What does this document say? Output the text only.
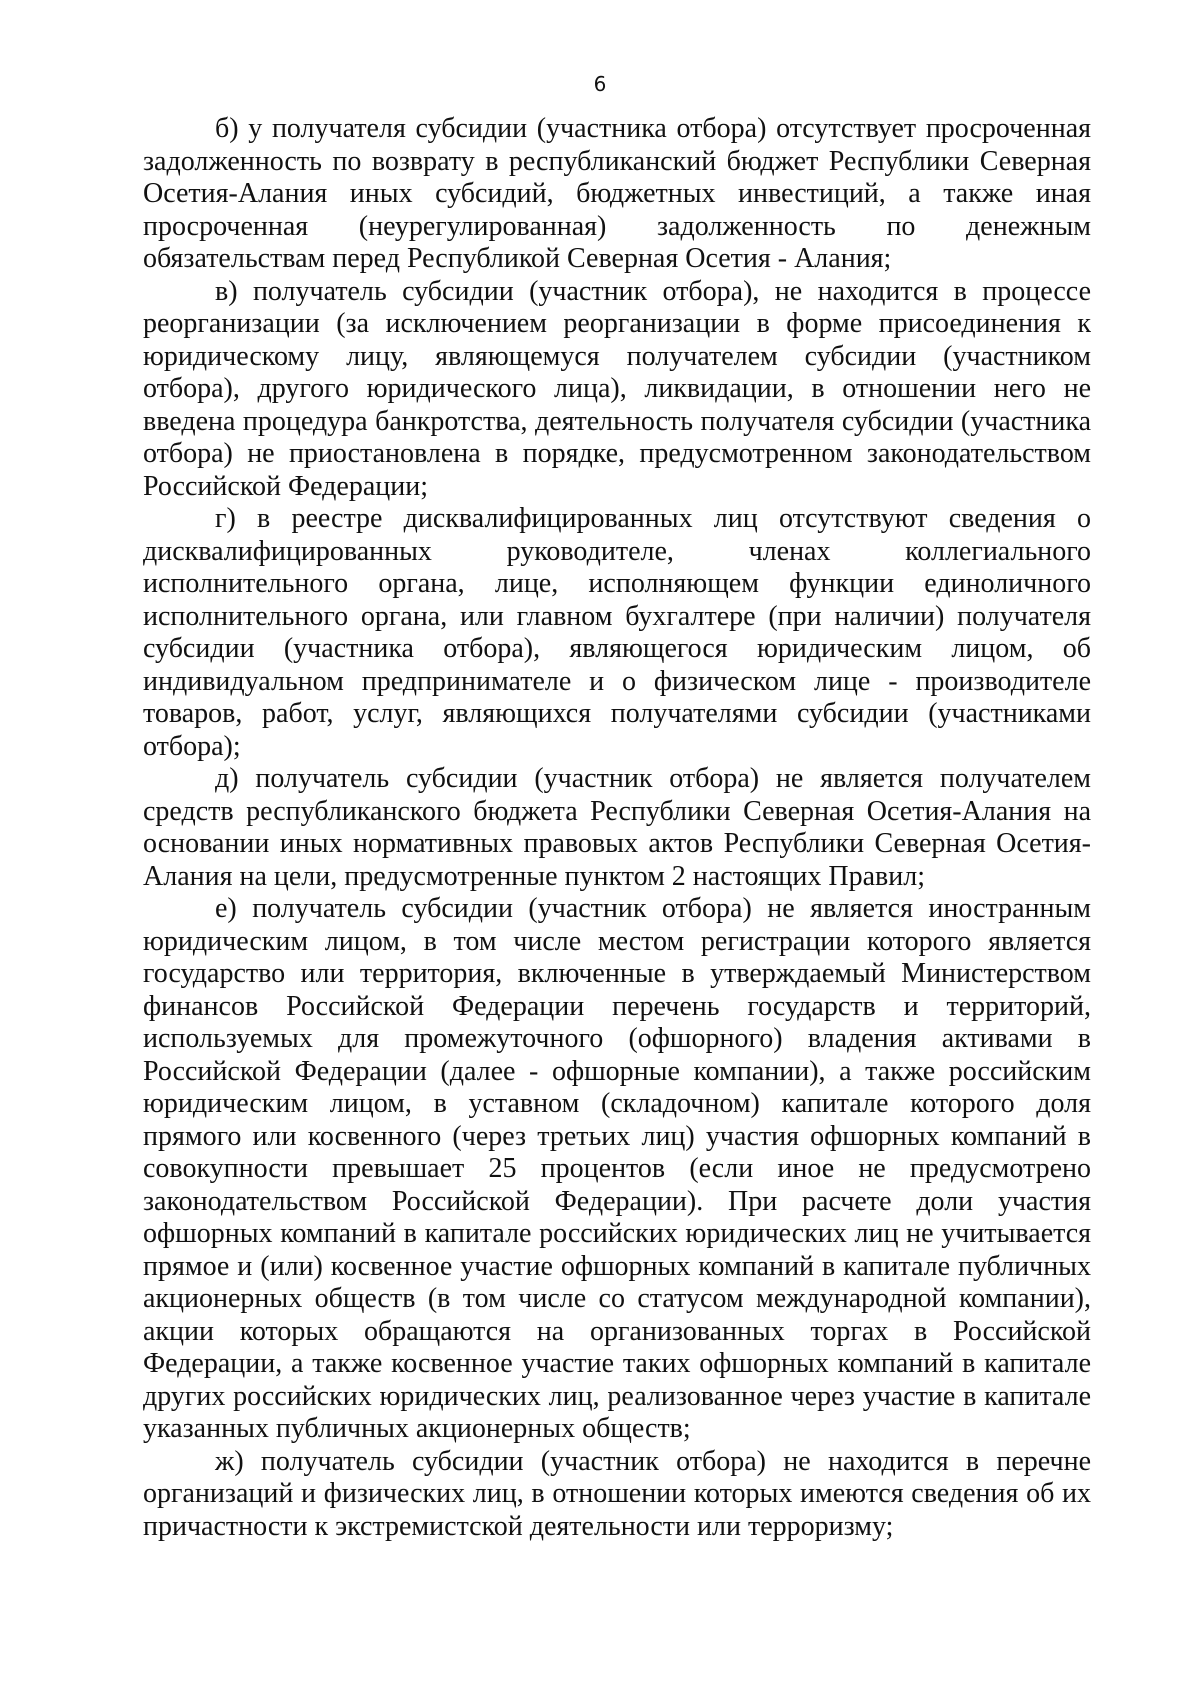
6

б) у получателя субсидии (участника отбора) отсутствует просроченная задолженность по возврату в республиканский бюджет Республики Северная Осетия-Алания иных субсидий, бюджетных инвестиций, а также иная просроченная (неурегулированная) задолженность по денежным обязательствам перед Республикой Северная Осетия - Алания;

в) получатель субсидии (участник отбора), не находится в процессе реорганизации (за исключением реорганизации в форме присоединения к юридическому лицу, являющемуся получателем субсидии (участником отбора), другого юридического лица), ликвидации, в отношении него не введена процедура банкротства, деятельность получателя субсидии (участника отбора) не приостановлена в порядке, предусмотренном законодательством Российской Федерации;

г) в реестре дисквалифицированных лиц отсутствуют сведения о дисквалифицированных руководителе, членах коллегиального исполнительного органа, лице, исполняющем функции единоличного исполнительного органа, или главном бухгалтере (при наличии) получателя субсидии (участника отбора), являющегося юридическим лицом, об индивидуальном предпринимателе и о физическом лице - производителе товаров, работ, услуг, являющихся получателями субсидии (участниками отбора);

д) получатель субсидии (участник отбора) не является получателем средств республиканского бюджета Республики Северная Осетия-Алания на основании иных нормативных правовых актов Республики Северная Осетия-Алания на цели, предусмотренные пунктом 2 настоящих Правил;

е) получатель субсидии (участник отбора) не является иностранным юридическим лицом, в том числе местом регистрации которого является государство или территория, включенные в утверждаемый Министерством финансов Российской Федерации перечень государств и территорий, используемых для промежуточного (офшорного) владения активами в Российской Федерации (далее - офшорные компании), а также российским юридическим лицом, в уставном (складочном) капитале которого доля прямого или косвенного (через третьих лиц) участия офшорных компаний в совокупности превышает 25 процентов (если иное не предусмотрено законодательством Российской Федерации). При расчете доли участия офшорных компаний в капитале российских юридических лиц не учитывается прямое и (или) косвенное участие офшорных компаний в капитале публичных акционерных обществ (в том числе со статусом международной компании), акции которых обращаются на организованных торгах в Российской Федерации, а также косвенное участие таких офшорных компаний в капитале других российских юридических лиц, реализованное через участие в капитале указанных публичных акционерных обществ;

ж) получатель субсидии (участник отбора) не находится в перечне организаций и физических лиц, в отношении которых имеются сведения об их причастности к экстремистской деятельности или терроризму;
